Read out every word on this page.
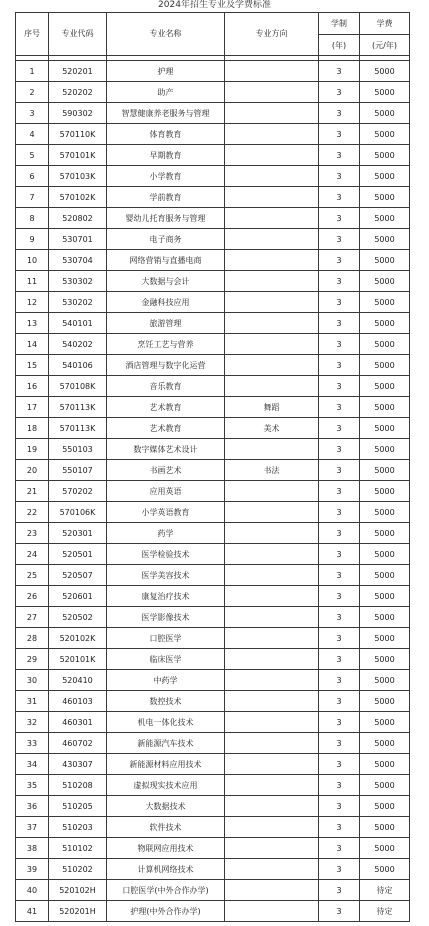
2024年招生专业及学费标准
序号	专业代码	专业名称	专业方向	学制	学费
				(年)	(元/年)

1	520201	护理		3	5000
2	520202	助产		3	5000
3	590302	智慧健康养老服务与管理		3	5000
4	570110K	体育教育		3	5000
5	570101K	早期教育		3	5000
6	570103K	小学教育		3	5000
7	570102K	学前教育		3	5000
8	520802	婴幼儿托育服务与管理		3	5000
9	530701	电子商务		3	5000
10	530704	网络营销与直播电商		3	5000
11	530302	大数据与会计		3	5000
12	530202	金融科技应用		3	5000
13	540101	旅游管理		3	5000
14	540202	烹饪工艺与营养		3	5000
15	540106	酒店管理与数字化运营		3	5000
16	570108K	音乐教育		3	5000
17	570113K	艺术教育	舞蹈	3	5000
18	570113K	艺术教育	美术	3	5000
19	550103	数字媒体艺术设计		3	5000
20	550107	书画艺术	书法	3	5000
21	570202	应用英语		3	5000
22	570106K	小学英语教育		3	5000
23	520301	药学		3	5000
24	520501	医学检验技术		3	5000
25	520507	医学美容技术		3	5000
26	520601	康复治疗技术		3	5000
27	520502	医学影像技术		3	5000
28	520102K	口腔医学		3	5000
29	520101K	临床医学		3	5000
30	520410	中药学		3	5000
31	460103	数控技术		3	5000
32	460301	机电一体化技术		3	5000
33	460702	新能源汽车技术		3	5000
34	430307	新能源材料应用技术		3	5000
35	510208	虚拟现实技术应用		3	5000
36	510205	大数据技术		3	5000
37	510203	软件技术		3	5000
38	510102	物联网应用技术		3	5000
39	510202	计算机网络技术		3	5000
40	520102H	口腔医学(中外合作办学)		3	待定
41	520201H	护理(中外合作办学)		3	待定
